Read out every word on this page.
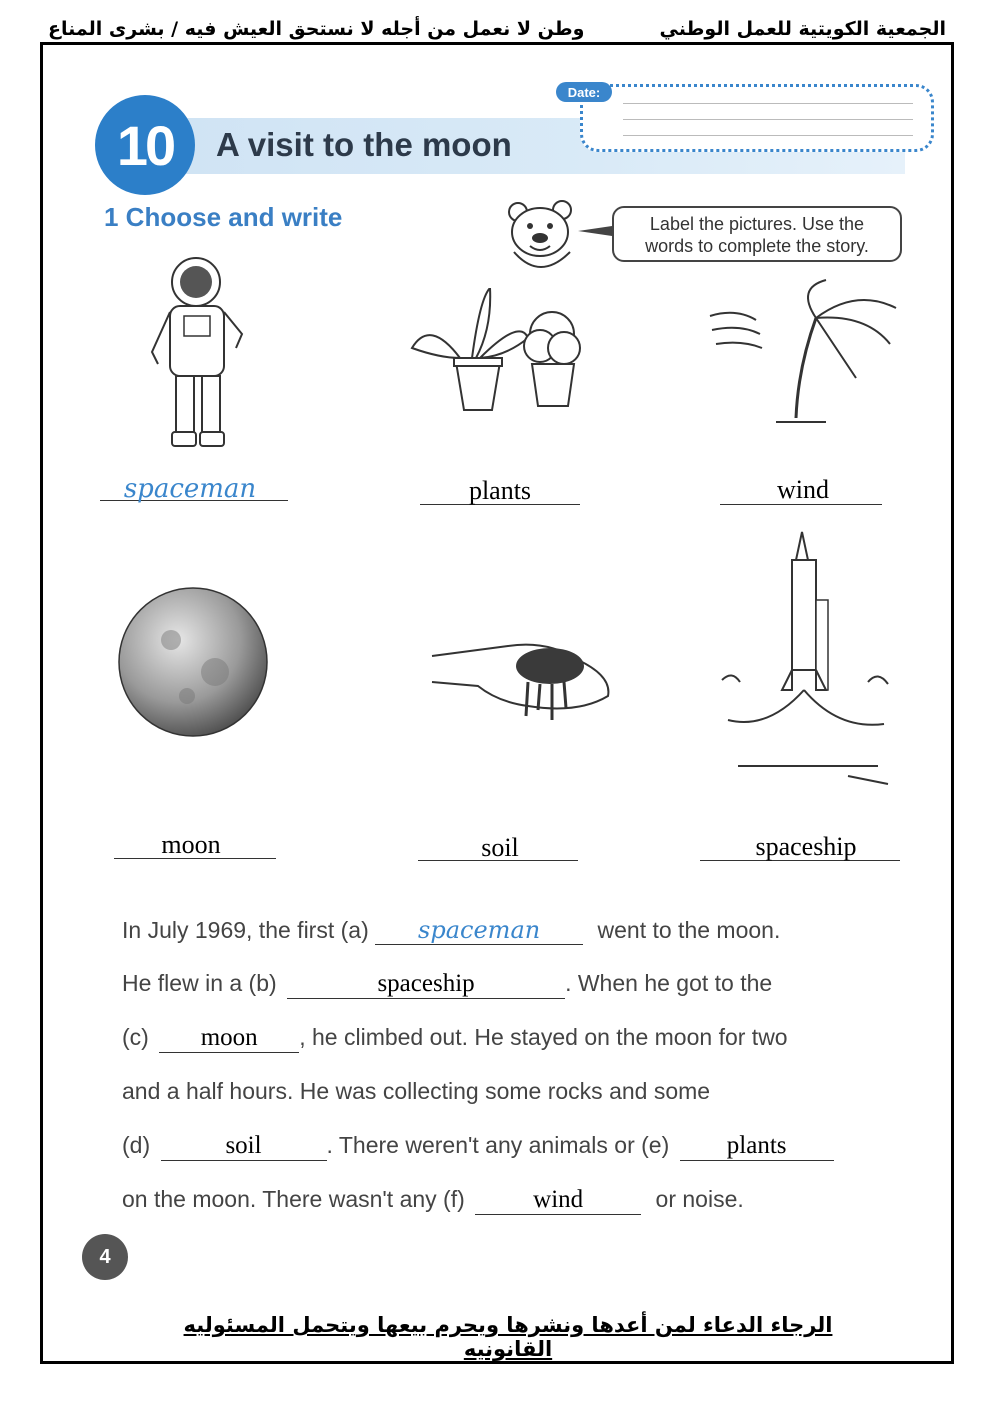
الجمعية الكويتية للعمل الوطني
وطن لا نعمل من أجله لا نستحق العيش فيه / بشرى المناع
10	A visit to the moon
Date:
1 Choose and write	Label the pictures. Use the
words to complete the story.
spaceman	plants	wind
moon	soil	spaceship
In July 1969, the first (a) spaceman went to the moon.
He flew in a (b)	spaceship	. When he got to the
(c) moon , he climbed out. He stayed on the moon for two
and a half hours. He was collecting some rocks and some
(d)	soil	. There weren't any animals or (e) plants
on the moon. There wasn't any (f)	wind	or noise.
4
الرجاء الدعاء لمن أعدها ونشرها ويحرم بيعها ويتحمل المسئوليه القانونيه
